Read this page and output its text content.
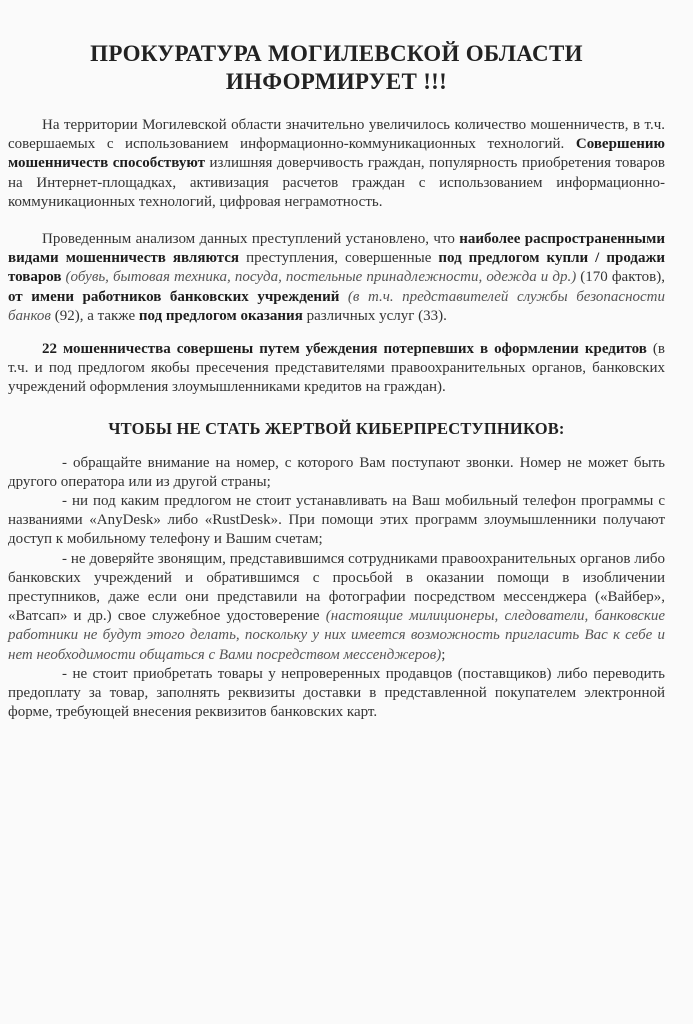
ПРОКУРАТУРА МОГИЛЕВСКОЙ ОБЛАСТИ
ИНФОРМИРУЕТ !!!

На территории Могилевской области значительно увеличилось количество мошенничеств, в т.ч. совершаемых с использованием информационно-коммуникационных технологий. Совершению мошенничеств способствуют излишняя доверчивость граждан, популярность приобретения товаров на Интернет-площадках, активизация расчетов граждан с использованием информационно-коммуникационных технологий, цифровая неграмотность.

Проведенным анализом данных преступлений установлено, что наиболее распространенными видами мошенничеств являются преступления, совершенные под предлогом купли / продажи товаров (обувь, бытовая техника, посуда, постельные принадлежности, одежда и др.) (170 фактов), от имени работников банковских учреждений (в т.ч. представителей службы безопасности банков (92), а также под предлогом оказания различных услуг (33).

22 мошенничества совершены путем убеждения потерпевших в оформлении кредитов (в т.ч. и под предлогом якобы пресечения представителями правоохранительных органов, банковских учреждений оформления злоумышленниками кредитов на граждан).

ЧТОБЫ НЕ СТАТЬ ЖЕРТВОЙ КИБЕРПРЕСТУПНИКОВ:

- обращайте внимание на номер, с которого Вам поступают звонки. Номер не может быть другого оператора или из другой страны;

- ни под каким предлогом не стоит устанавливать на Ваш мобильный телефон программы с названиями «AnyDesk» либо «RustDesk». При помощи этих программ злоумышленники получают доступ к мобильному телефону и Вашим счетам;

- не доверяйте звонящим, представившимся сотрудниками правоохранительных органов либо банковских учреждений и обратившимся с просьбой в оказании помощи в изобличении преступников, даже если они представили на фотографии посредством мессенджера («Вайбер», «Ватсап» и др.) свое служебное удостоверение (настоящие милиционеры, следователи, банковские работники не будут этого делать, поскольку у них имеется возможность пригласить Вас к себе и нет необходимости общаться с Вами посредством мессенджеров);

- не стоит приобретать товары у непроверенных продавцов (поставщиков) либо переводить предоплату за товар, заполнять реквизиты доставки в представленной покупателем электронной форме, требующей внесения реквизитов банковских карт.
